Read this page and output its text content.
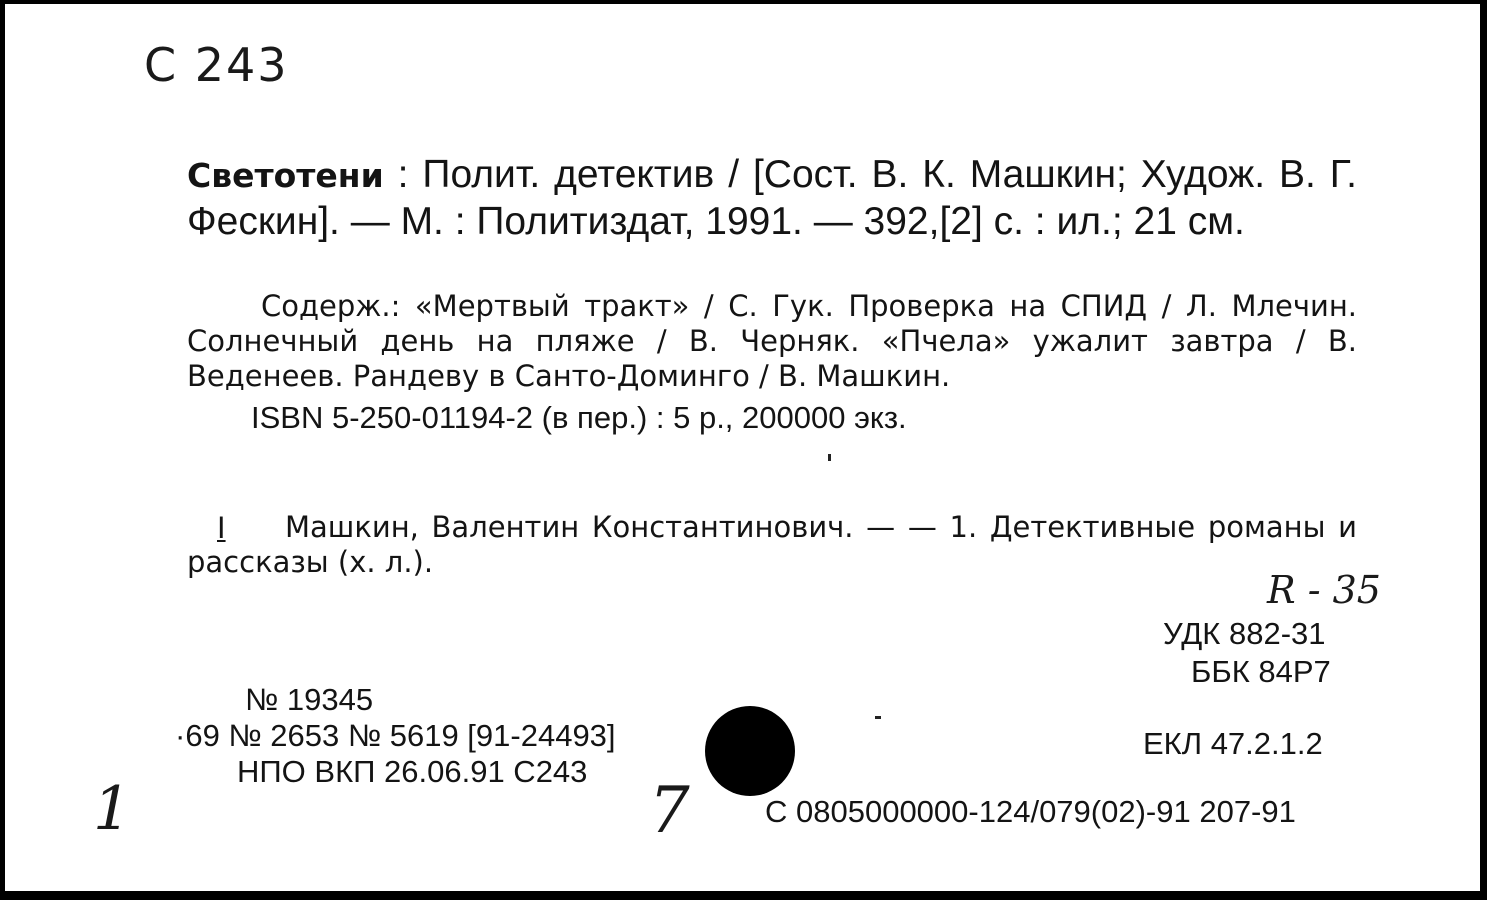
С 243
Светотени : Полит. детектив / [Сост. В. К. Машкин; Худож. В. Г. Фескин]. — М. : Политиздат, 1991. — 392,[2] с. : ил.; 21 см.
Содерж.: «Мертвый тракт» / С. Гук. Проверка на СПИД / Л. Млечин. Солнечный день на пляже / В. Черняк. «Пчела» ужалит завтра / В. Веденеев. Рандеву в Санто-Доминго / В. Машкин.
ISBN 5-250-01194-2 (в пер.) : 5 р., 200000 экз.
I	Машкин, Валентин Константинович. — — 1. Детективные романы и рассказы (х. л.).
R - 35
УДК 882-31
ББК 84Р7
№ 19345
·69 № 2653 № 5619 [91-24493]
НПО ВКП 26.06.91 С243
ЕКЛ 47.2.1.2
С 0805000000-124/079(02)-91 207-91
1	7
